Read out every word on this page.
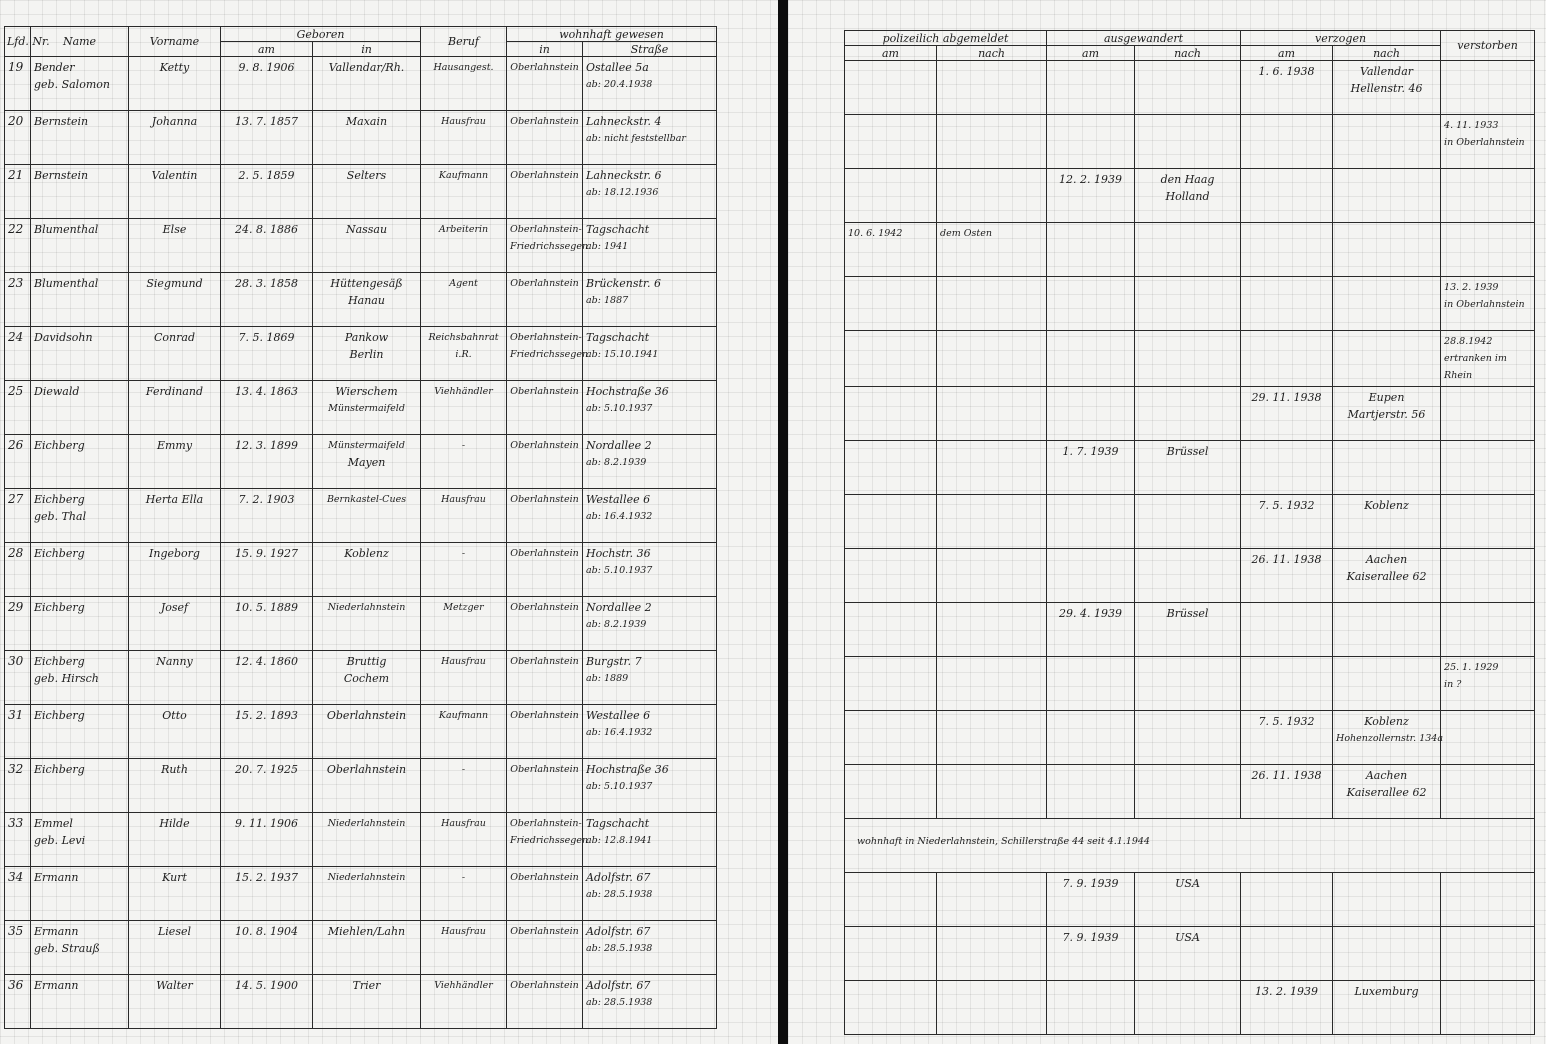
Lfd. Nr.	Name	Vorname	Geboren		Beruf	wohnhaft gewesen	
			am	in		in	Straße

19	Bender
geb. Salomon	Ketty	9. 8. 1906	Vallendar/Rh.	Hausangest.	Oberlahnstein	Ostallee 5a
ab: 20.4.1938

20	Bernstein	Johanna	13. 7. 1857	Maxain	Hausfrau	Oberlahnstein	Lahneckstr. 4
ab: nicht feststellbar

21	Bernstein	Valentin	2. 5. 1859	Selters	Kaufmann	Oberlahnstein	Lahneckstr. 6
ab: 18.12.1936

22	Blumenthal	Else	24. 8. 1886	Nassau	Arbeiterin	Oberlahnstein-
Friedrichssegen	Tagschacht
ab: 1941

23	Blumenthal	Siegmund	28. 3. 1858	Hüttengesäß
Hanau	Agent	Oberlahnstein	Brückenstr. 6
ab: 1887

24	Davidsohn	Conrad	7. 5. 1869	Pankow
Berlin	Reichsbahnrat
i.R.	Oberlahnstein-
Friedrichssegen	Tagschacht
ab: 15.10.1941

25	Diewald	Ferdinand	13. 4. 1863	Wierschem
Münstermaifeld	Viehhändler	Oberlahnstein	Hochstraße 36
ab: 5.10.1937

26	Eichberg	Emmy	12. 3. 1899	Münstermaifeld
Mayen	-	Oberlahnstein	Nordallee 2
ab: 8.2.1939

27	Eichberg
geb. Thal	Herta Ella	7. 2. 1903	Bernkastel-Cues	Hausfrau	Oberlahnstein	Westallee 6
ab: 16.4.1932

28	Eichberg	Ingeborg	15. 9. 1927	Koblenz	-	Oberlahnstein	Hochstr. 36
ab: 5.10.1937

29	Eichberg	Josef	10. 5. 1889	Niederlahnstein	Metzger	Oberlahnstein	Nordallee 2
ab: 8.2.1939

30	Eichberg
geb. Hirsch	Nanny	12. 4. 1860	Bruttig
Cochem	Hausfrau	Oberlahnstein	Burgstr. 7
ab: 1889

31	Eichberg	Otto	15. 2. 1893	Oberlahnstein	Kaufmann	Oberlahnstein	Westallee 6
ab: 16.4.1932

32	Eichberg	Ruth	20. 7. 1925	Oberlahnstein	-	Oberlahnstein	Hochstraße 36
ab: 5.10.1937

33	Emmel
geb. Levi	Hilde	9. 11. 1906	Niederlahnstein	Hausfrau	Oberlahnstein-
Friedrichssegen	Tagschacht
ab: 12.8.1941

34	Ermann	Kurt	15. 2. 1937	Niederlahnstein	-	Oberlahnstein	Adolfstr. 67
ab: 28.5.1938

35	Ermann
geb. Strauß	Liesel	10. 8. 1904	Miehlen/Lahn	Hausfrau	Oberlahnstein	Adolfstr. 67
ab: 28.5.1938

36	Ermann	Walter	14. 5. 1900	Trier	Viehhändler	Oberlahnstein	Adolfstr. 67
ab: 28.5.1938
polizeilich abgemeldet		ausgewandert		verzogen		verstorben
am	nach	am	nach	am	nach	

				1. 6. 1938	Vallendar
Hellenstr. 46	

						4. 11. 1933
in Oberlahnstein

		12. 2. 1939	den Haag
Holland			

10. 6. 1942	dem Osten					

						13. 2. 1939
in Oberlahnstein

						28.8.1942
ertranken im
Rhein

				29. 11. 1938	Eupen
Martjerstr. 56	

		1. 7. 1939	Brüssel			

				7. 5. 1932	Koblenz	

				26. 11. 1938	Aachen
Kaiserallee 62	

		29. 4. 1939	Brüssel			

						25. 1. 1929
in ?

				7. 5. 1932	Koblenz
Hohenzollernstr. 134a	

				26. 11. 1938	Aachen
Kaiserallee 62	

wohnhaft in Niederlahnstein, Schillerstraße 44 seit 4.1.1944						

		7. 9. 1939	USA			

		7. 9. 1939	USA			

				13. 2. 1939	Luxemburg	
